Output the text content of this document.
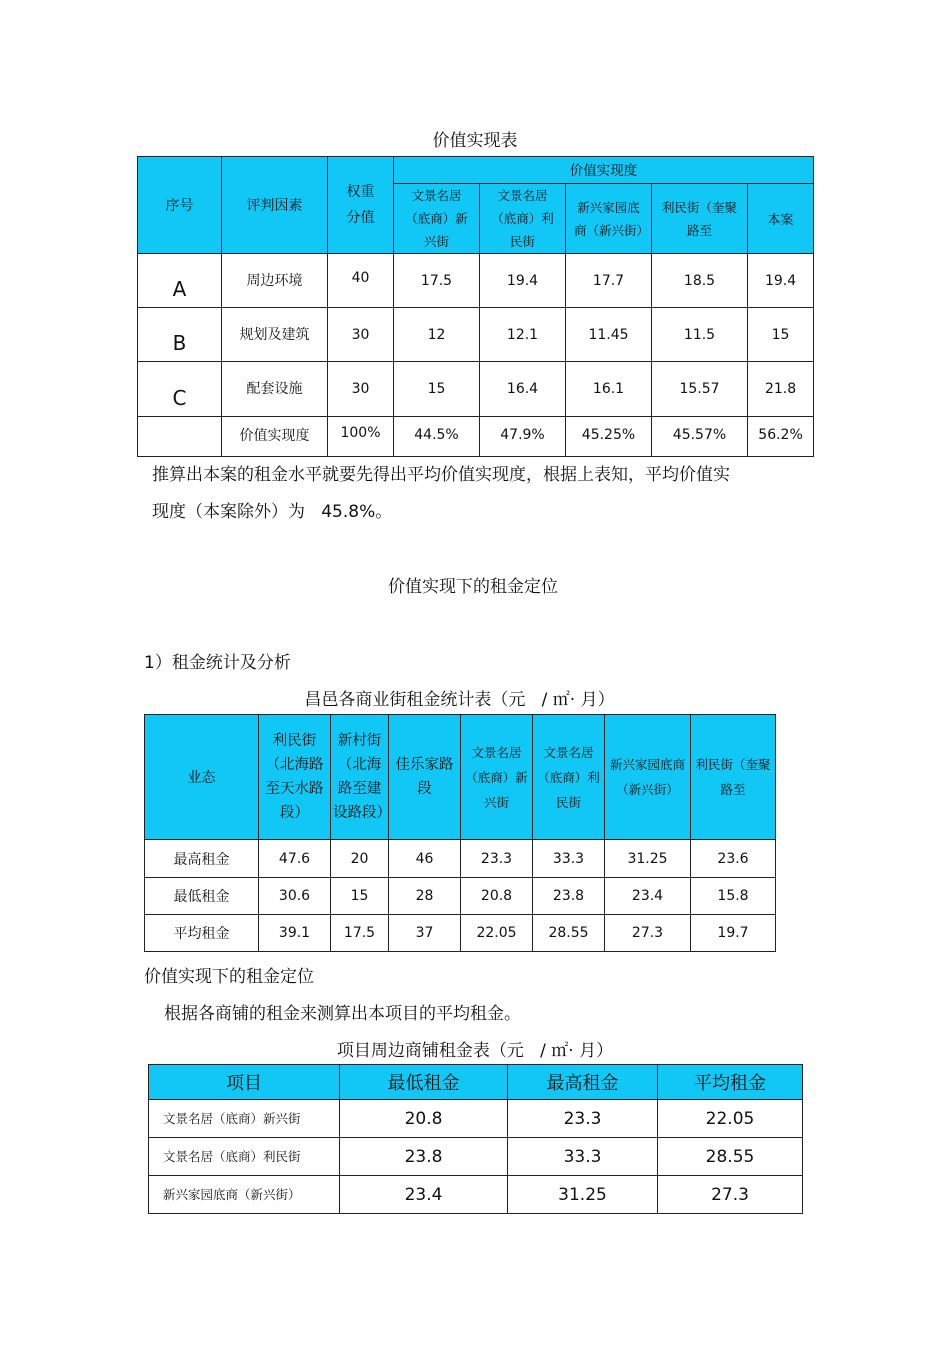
价值实现表
序号	评判因素	权重分值	价值实现度				
			文景名居（底商）新兴街	文景名居（底商）利民街	新兴家园底商（新兴街）	利民街（奎聚路至	本案
A	周边环境	40	17.5	19.4	17.7	18.5	19.4
B	规划及建筑	30	12	12.1	11.45	11.5	15
C	配套设施	30	15	16.4	16.1	15.57	21.8
	价值实现度	100%	44.5%	47.9%	45.25%	45.57%	56.2%
推算出本案的租金水平就要先得出平均价值实现度，根据上表知，平均价值实
现度（本案除外）为   45.8%。
价值实现下的租金定位
1）租金统计及分析
昌邑各商业街租金统计表（元   / ㎡· 月）
业态	利民街（北海路至天水路段）	新村街（北海路至建设路段）	佳乐家路段	文景名居（底商）新兴街	文景名居（底商）利民街	新兴家园底商（新兴街）	利民街（奎聚路至
最高租金	47.6	20	46	23.3	33.3	31.25	23.6
最低租金	30.6	15	28	20.8	23.8	23.4	15.8
平均租金	39.1	17.5	37	22.05	28.55	27.3	19.7
价值实现下的租金定位
根据各商铺的租金来测算出本项目的平均租金。
项目周边商铺租金表（元   / ㎡· 月）
项目	最低租金	最高租金	平均租金
文景名居（底商）新兴街	20.8	23.3	22.05
文景名居（底商）利民街	23.8	33.3	28.55
新兴家园底商（新兴街）	23.4	31.25	27.3
